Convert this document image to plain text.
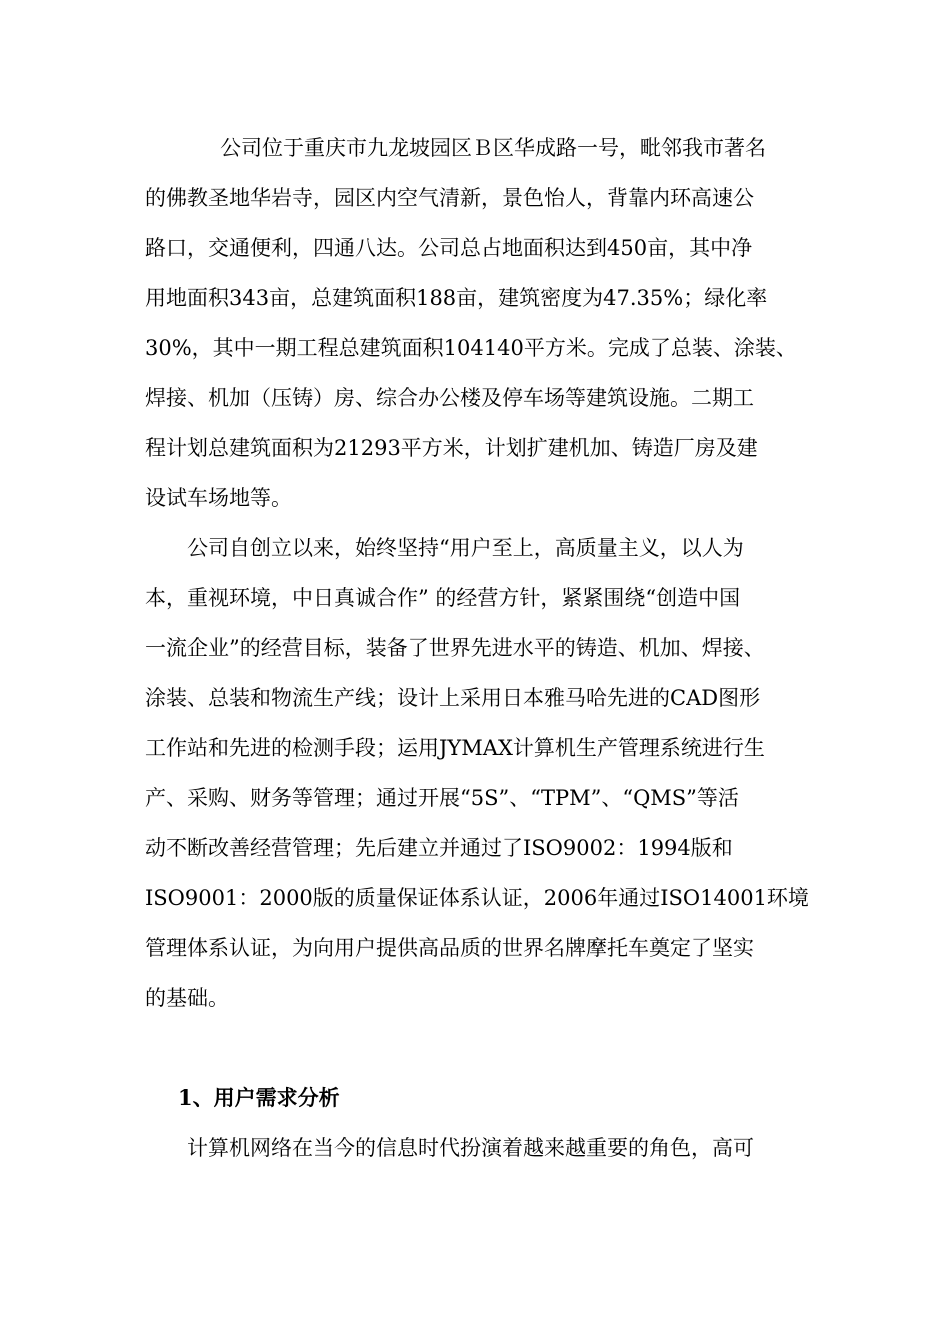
公司位于重庆市九龙坡园区Ｂ区华成路一号，毗邻我市著名
的佛教圣地华岩寺，园区内空气清新，景色怡人，背靠内环高速公
路口，交通便利，四通八达。公司总占地面积达到450亩，其中净
用地面积343亩，总建筑面积188亩，建筑密度为47.35%；绿化率
30%，其中一期工程总建筑面积104140平方米。完成了总装、涂装、
焊接、机加（压铸）房、综合办公楼及停车场等建筑设施。二期工
程计划总建筑面积为21293平方米，计划扩建机加、铸造厂房及建
设试车场地等。
公司自创立以来，始终坚持“用户至上，高质量主义，以人为
本，重视环境，中日真诚合作” 的经营方针，紧紧围绕“创造中国
一流企业”的经营目标，装备了世界先进水平的铸造、机加、焊接、
涂装、总装和物流生产线；设计上采用日本雅马哈先进的CAD图形
工作站和先进的检测手段；运用JYMAX计算机生产管理系统进行生
产、采购、财务等管理；通过开展“5S”、“TPM”、“QMS”等活
动不断改善经营管理；先后建立并通过了ISO9002：1994版和
ISO9001：2000版的质量保证体系认证，2006年通过ISO14001环境
管理体系认证，为向用户提供高品质的世界名牌摩托车奠定了坚实
的基础。
1、用户需求分析
计算机网络在当今的信息时代扮演着越来越重要的角色，高可
